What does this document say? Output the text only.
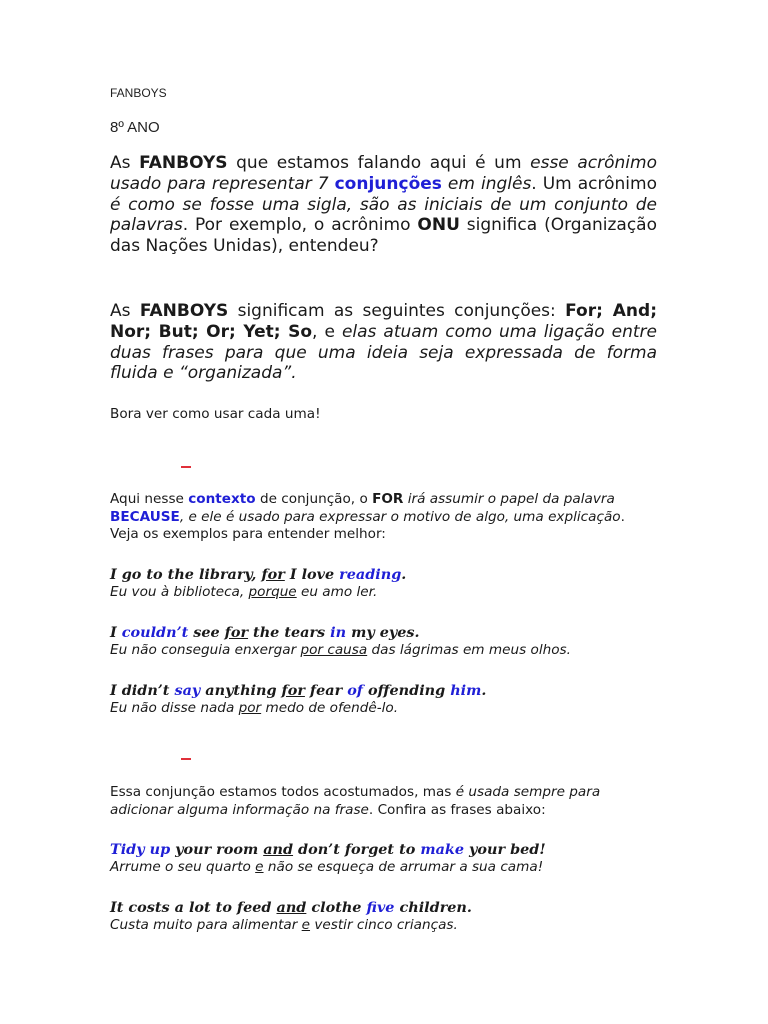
FANBOYS
8º ANO

As FANBOYS que estamos falando aqui é um esse acrônimo usado para representar 7 conjunções em inglês. Um acrônimo é como se fosse uma sigla, são as iniciais de um conjunto de palavras. Por exemplo, o acrônimo ONU significa (Organização das Nações Unidas), entendeu?

As FANBOYS significam as seguintes conjunções: For; And; Nor; But; Or; Yet; So, e elas atuam como uma ligação entre duas frases para que uma ideia seja expressada de forma fluida e “organizada”.

Bora ver como usar cada uma!

Aqui nesse contexto de conjunção, o FOR irá assumir o papel da palavra BECAUSE, e ele é usado para expressar o motivo de algo, uma explicação. Veja os exemplos para entender melhor:

I go to the library, for I love reading.
Eu vou à biblioteca, porque eu amo ler.
I couldn’t see for the tears in my eyes.
Eu não conseguia enxergar por causa das lágrimas em meus olhos.
I didn’t say anything for fear of offending him.
Eu não disse nada por medo de ofendê-lo.

Essa conjunção estamos todos acostumados, mas é usada sempre para adicionar alguma informação na frase. Confira as frases abaixo:

Tidy up your room and don’t forget to make your bed!
Arrume o seu quarto e não se esqueça de arrumar a sua cama!
It costs a lot to feed and clothe five children.
Custa muito para alimentar e vestir cinco crianças.
